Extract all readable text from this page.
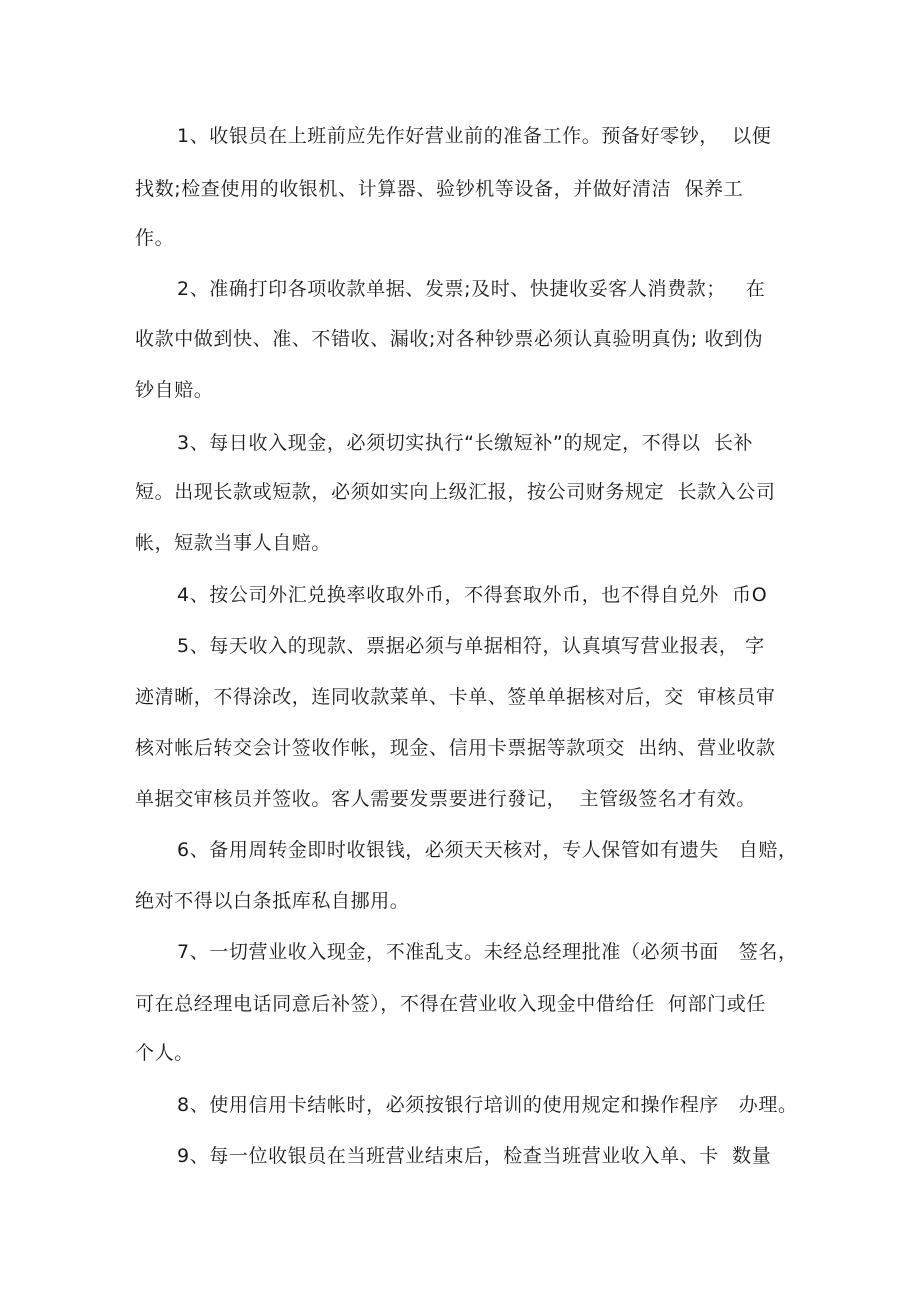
1、收银员在上班前应先作好营业前的准备工作。预备好零钞，  以便
找数;检查使用的收银机、计算器、验钞机等设备，并做好清洁  保养工
作。
2、准确打印各项收款单据、发票;及时、快捷收妥客人消费款；   在
收款中做到快、准、不错收、漏收;对各种钞票必须认真验明真伪; 收到伪
钞自赔。
3、每日收入现金，必须切实执行“长缴短补”的规定，不得以  长补
短。出现长款或短款，必须如实向上级汇报，按公司财务规定  长款入公司
帐，短款当事人自赔。
4、按公司外汇兑换率收取外币，不得套取外币，也不得自兑外  币O
5、每天收入的现款、票据必须与单据相符，认真填写营业报表， 字
迹清晰，不得涂改，连同收款菜单、卡单、签单单据核对后，交  审核员审
核对帐后转交会计签收作帐，现金、信用卡票据等款项交  出纳、营业收款
单据交审核员并签收。客人需要发票要进行發记，  主管级签名才有效。
6、备用周转金即时收银钱，必须天天核对，专人保管如有遗失   自赔，
绝对不得以白条抵库私自挪用。
7、一切营业收入现金，不准乱支。未经总经理批准（必须书面   签名，
可在总经理电话同意后补签），不得在营业收入现金中借给任  何部门或任
个人。
8、使用信用卡结帐时，必须按银行培训的使用规定和操作程序   办理。
9、每一位收银员在当班营业结束后，检查当班营业收入单、卡  数量
